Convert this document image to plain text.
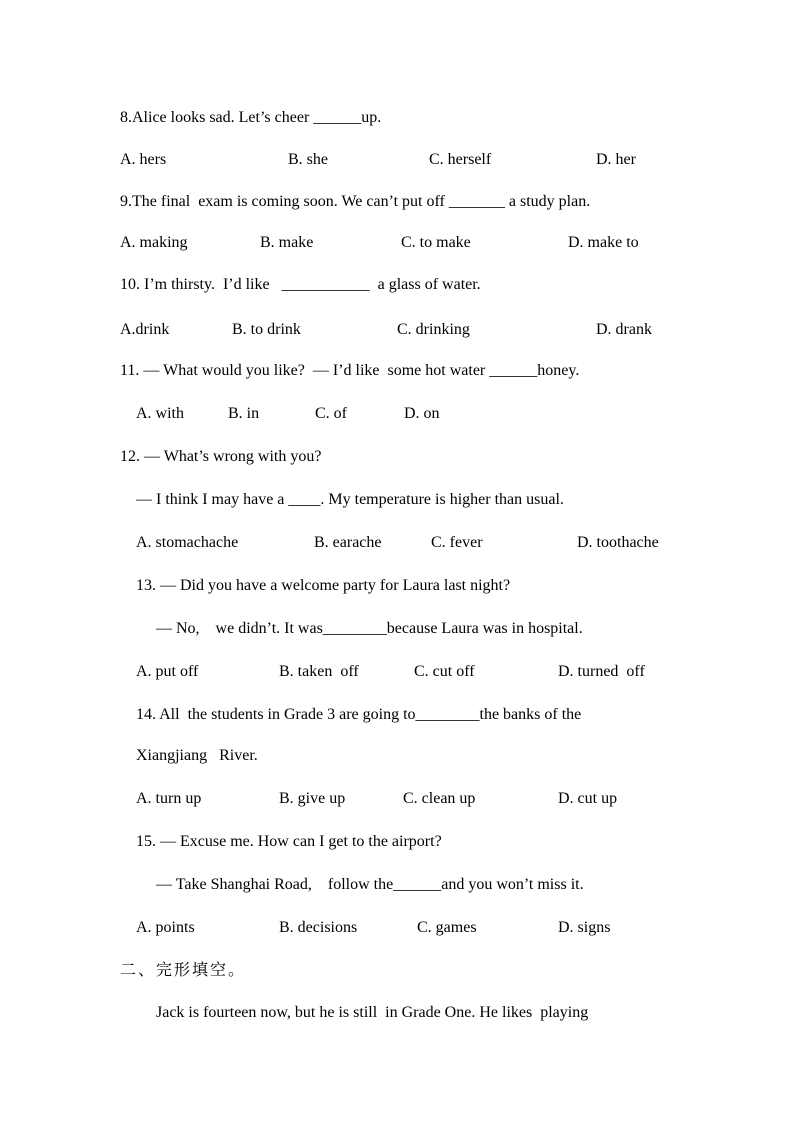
8.Alice looks sad. Let’s cheer ______up.
A. hers	B. she	C. herself	D. her
9.The final  exam is coming soon. We can’t put off _______ a study plan.
A. making	B. make	C. to make	D. make to
10. I’m thirsty.  I’d like   ___________  a glass of water.
A.drink	B. to drink	C. drinking	D. drank
11. — What would you like?  — I’d like  some hot water ______honey.
A. with	B. in	C. of	D. on
12. — What’s wrong with you?
— I think I may have a ____. My temperature is higher than usual.
A. stomachache	B. earache	C. fever	D. toothache
13. — Did you have a welcome party for Laura last night?
— No,    we didn’t. It was________because Laura was in hospital.
A. put off	B. taken  off	C. cut off	D. turned  off
14. All  the students in Grade 3 are going to________the banks of the
Xiangjiang   River.
A. turn up	B. give up	C. clean up	D. cut up
15. — Excuse me. How can I get to the airport?
— Take Shanghai Road,    follow the______and you won’t miss it.
A. points	B. decisions	C. games	D. signs
二、完形填空。
Jack is fourteen now, but he is still  in Grade One. He likes  playing
